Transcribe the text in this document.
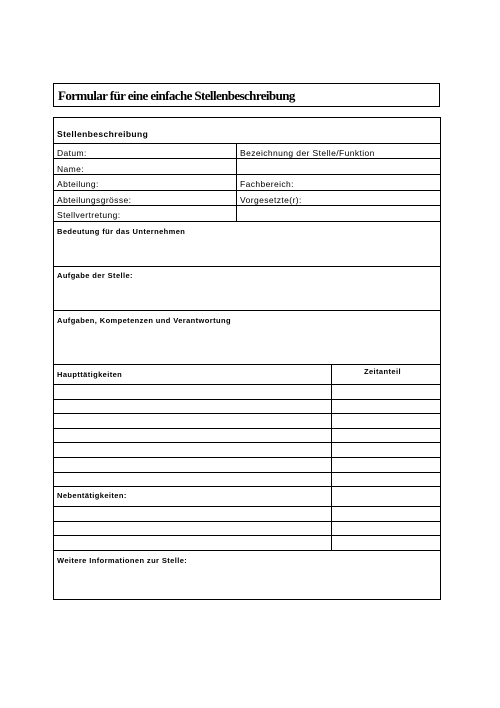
Formular für eine einfache Stellenbeschreibung
Stellenbeschreibung
Datum:	Bezeichnung der Stelle/Funktion
Name:
Abteilung:	Fachbereich:
Abteilungsgrösse:	Vorgesetzte(r):
Stellvertretung:
Bedeutung für das Unternehmen
Aufgabe der Stelle:
Aufgaben, Kompetenzen und Verantwortung
Haupttätigkeiten	Zeitanteil
Nebentätigkeiten:
Weitere Informationen zur Stelle:
